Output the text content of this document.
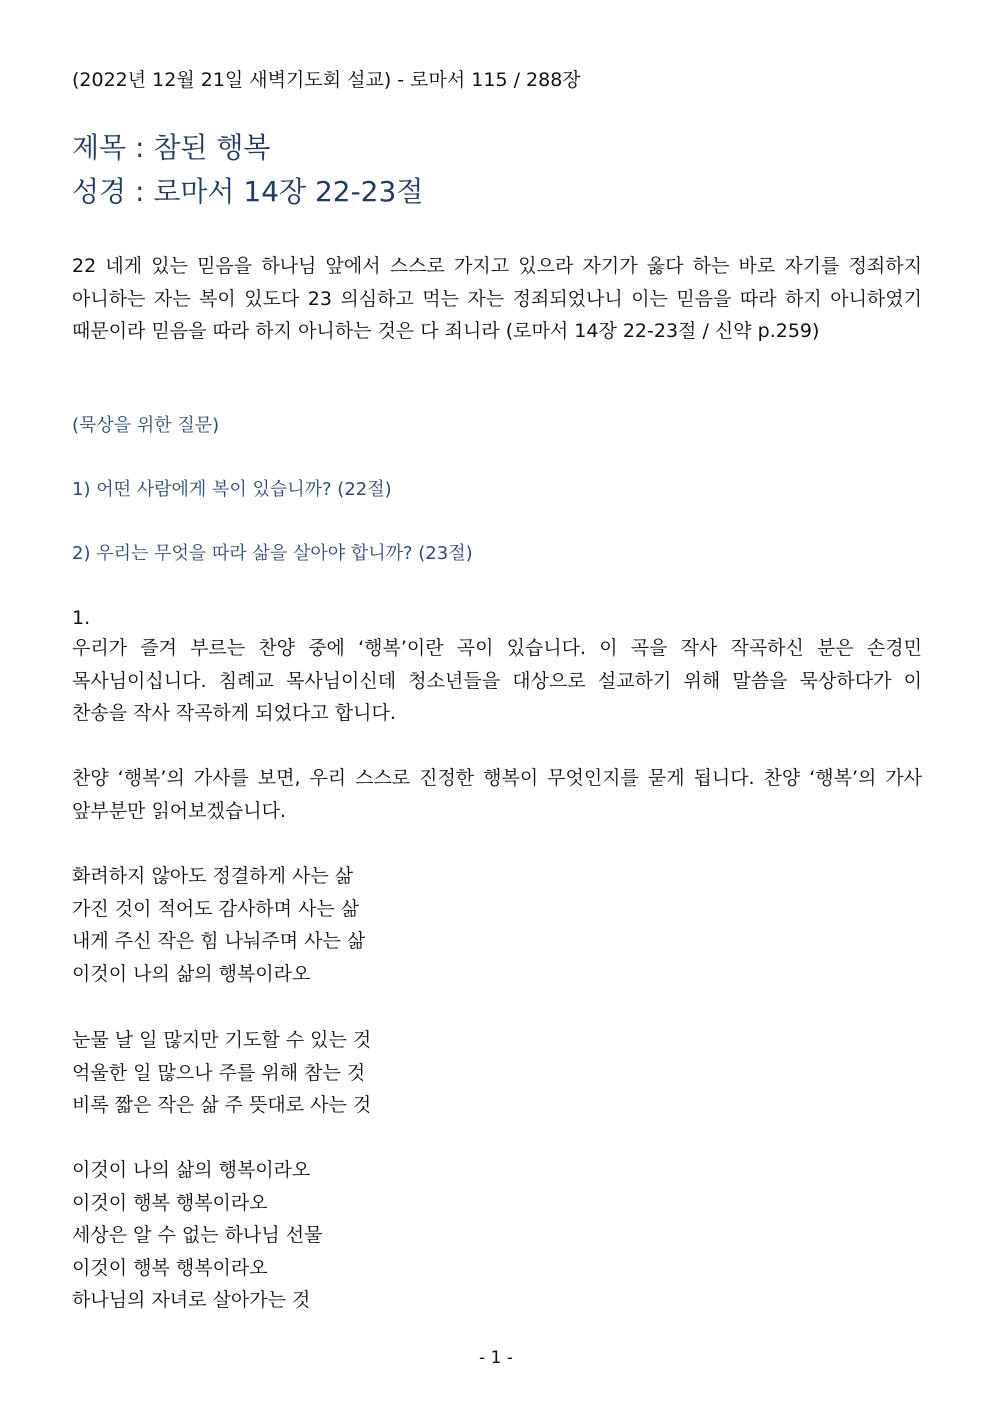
(2022년 12월 21일 새벽기도회 설교) - 로마서 115 / 288장
제목 : 참된 행복
성경 : 로마서 14장 22-23절
22 네게 있는 믿음을 하나님 앞에서 스스로 가지고 있으라 자기가 옳다 하는 바로 자기를 정죄하지 아니하는 자는 복이 있도다 23 의심하고 먹는 자는 정죄되었나니 이는 믿음을 따라 하지 아니하였기 때문이라 믿음을 따라 하지 아니하는 것은 다 죄니라 (로마서 14장 22-23절 / 신약 p.259)
(묵상을 위한 질문)
1) 어떤 사람에게 복이 있습니까? (22절)
2) 우리는 무엇을 따라 삶을 살아야 합니까? (23절)
1.
우리가 즐겨 부르는 찬양 중에 ‘행복’이란 곡이 있습니다. 이 곡을 작사 작곡하신 분은 손경민 목사님이십니다. 침례교 목사님이신데 청소년들을 대상으로 설교하기 위해 말씀을 묵상하다가 이 찬송을 작사 작곡하게 되었다고 합니다.
찬양 ‘행복’의 가사를 보면, 우리 스스로 진정한 행복이 무엇인지를 묻게 됩니다. 찬양 ‘행복’의 가사 앞부분만 읽어보겠습니다.
화려하지 않아도 정결하게 사는 삶
가진 것이 적어도 감사하며 사는 삶
내게 주신 작은 힘 나눠주며 사는 삶
이것이 나의 삶의 행복이라오
눈물 날 일 많지만 기도할 수 있는 것
억울한 일 많으나 주를 위해 참는 것
비록 짧은 작은 삶 주 뜻대로 사는 것
이것이 나의 삶의 행복이라오
이것이 행복 행복이라오
세상은 알 수 없는 하나님 선물
이것이 행복 행복이라오
하나님의 자녀로 살아가는 것
- 1 -
